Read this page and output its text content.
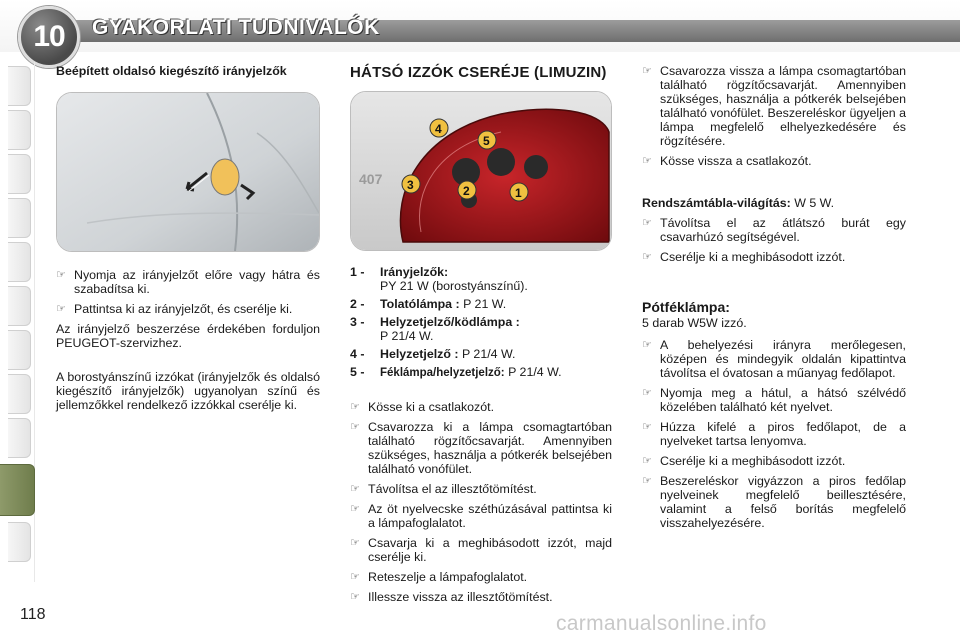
10	GYAKORLATI TUDNIVALÓK
Beépített oldalsó kiegészítő irányjelzők
☞ Nyomja az irányjelzőt előre vagy hátra és szabadítsa ki.
☞ Pattintsa ki az irányjelzőt, és cserélje ki.

Az irányjelző beszerzése érdekében forduljon PEUGEOT-szervizhez.

A borostyánszínű izzókat (irányjelzők és oldalsó kiegészítő irányjelzők) ugyanolyan színű és jellemzőkkel rendelkező izzókkal cserélje ki.

HÁTSÓ IZZÓK CSERÉJE (LIMUZIN)
407
4
5
3	2	1
1 -	Irányjelzők:
PY 21 W (borostyánszínű).
2 -	Tolatólámpa : P 21 W.
3 -	Helyzetjelző/ködlámpa :
P 21/4 W.
4 -	Helyzetjelző : P 21/4 W.
5 -	Féklámpa/helyzetjelző: P 21/4 W.
☞ Kösse ki a csatlakozót.
☞ Csavarozza ki a lámpa csomagtartóban található rögzítőcsavarját. Amennyiben szükséges, használja a pótkerék belsejében található vonófület.
☞ Távolítsa el az illesztőtömítést.
☞ Az öt nyelvecske széthúzásával pattintsa ki a lámpafoglalatot.
☞ Csavarja ki a meghibásodott izzót, majd cserélje ki.
☞ Reteszelje a lámpafoglalatot.
☞ Illessze vissza az illesztőtömítést.
☞ Csavarozza vissza a lámpa csomagtartóban található rögzítőcsavarját. Amennyiben szükséges, használja a pótkerék belsejében található vonófület. Beszereléskor ügyeljen a lámpa megfelelő elhelyezkedésére és rögzítésére.
☞ Kösse vissza a csatlakozót.

Rendszámtábla-világítás: W 5 W.

☞ Távolítsa el az átlátszó burát egy csavarhúzó segítségével.
☞ Cserélje ki a meghibásodott izzót.
Pótféklámpa:

5 darab W5W izzó.

☞ A behelyezési irányra merőlegesen, középen és mindegyik oldalán kipattintva távolítsa el óvatosan a műanyag fedőlapot.
☞ Nyomja meg a hátul, a hátsó szélvédő közelében található két nyelvet.
☞ Húzza kifelé a piros fedőlapot, de a nyelveket tartsa lenyomva.
☞ Cserélje ki a meghibásodott izzót.
☞ Beszereléskor vigyázzon a piros fedőlap nyelveinek megfelelő beillesztésére, valamint a felső borítás megfelelő visszahelyezésére.
118	carmanualsonline.info
